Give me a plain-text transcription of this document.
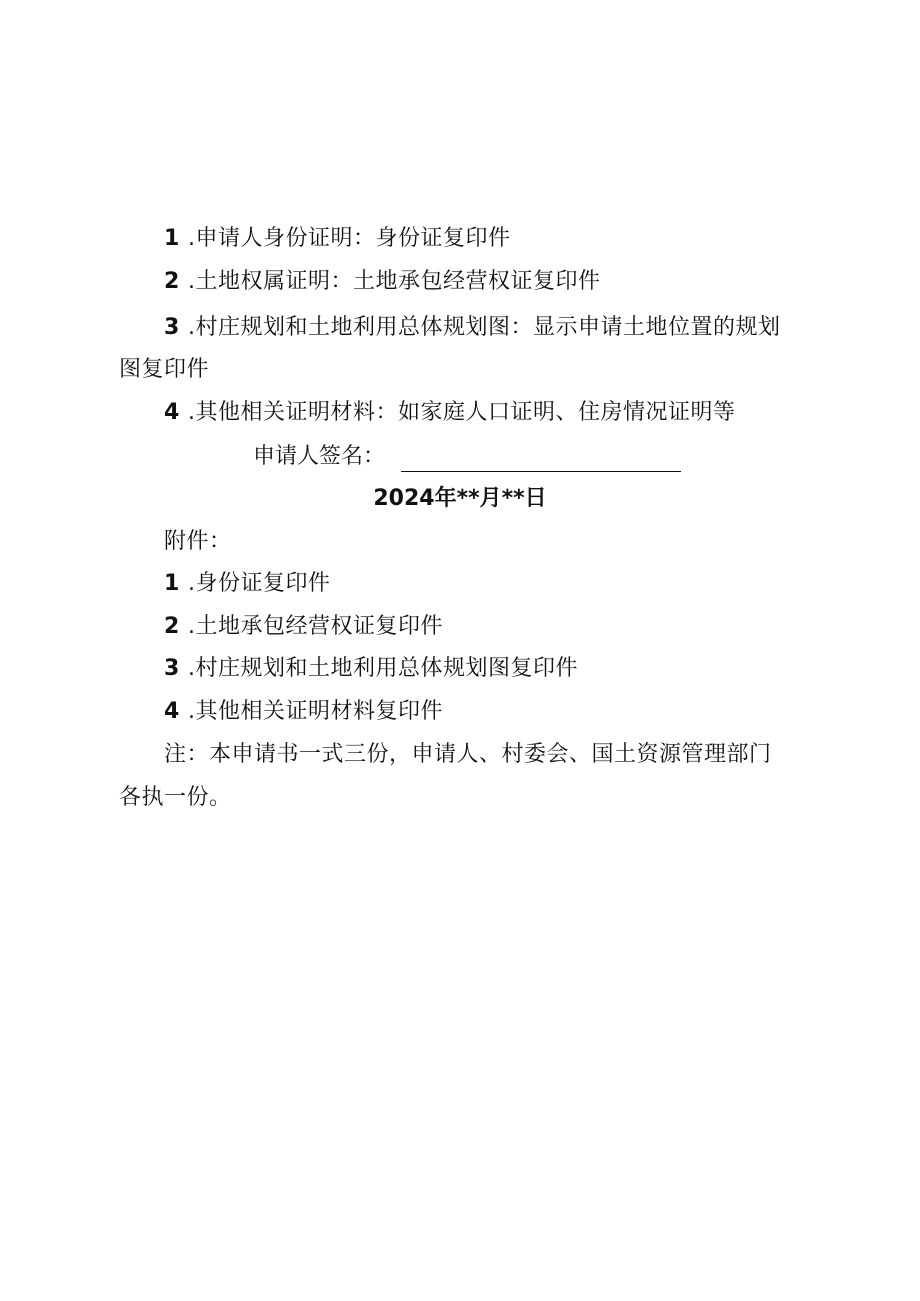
1 .申请人身份证明：身份证复印件
2 .土地权属证明：土地承包经营权证复印件
3 .村庄规划和土地利用总体规划图：显示申请土地位置的规划
图复印件
4 .其他相关证明材料：如家庭人口证明、住房情况证明等
申请人签名：
2024年**月**日
附件：
1 .身份证复印件
2 .土地承包经营权证复印件
3 .村庄规划和土地利用总体规划图复印件
4 .其他相关证明材料复印件
注：本申请书一式三份，申请人、村委会、国土资源管理部门
各执一份。
